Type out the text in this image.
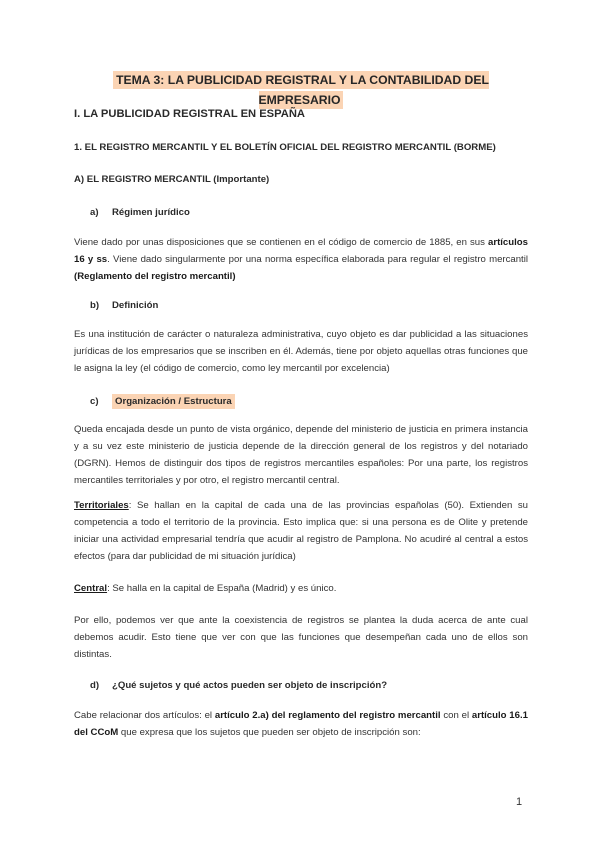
TEMA 3: LA PUBLICIDAD REGISTRAL Y LA CONTABILIDAD DEL EMPRESARIO

I. LA PUBLICIDAD REGISTRAL EN ESPAÑA

1. EL REGISTRO MERCANTIL Y EL BOLETÍN OFICIAL DEL REGISTRO MERCANTIL (BORME)

A) EL REGISTRO MERCANTIL (Importante)

a) Régimen jurídico

Viene dado por unas disposiciones que se contienen en el código de comercio de 1885, en sus artículos 16 y ss. Viene dado singularmente por una norma específica elaborada para regular el registro mercantil (Reglamento del registro mercantil)

b) Definición

Es una institución de carácter o naturaleza administrativa, cuyo objeto es dar publicidad a las situaciones jurídicas de los empresarios que se inscriben en él. Además, tiene por objeto aquellas otras funciones que le asigna la ley (el código de comercio, como ley mercantil por excelencia)

c) Organización / Estructura

Queda encajada desde un punto de vista orgánico, depende del ministerio de justicia en primera instancia y a su vez este ministerio de justicia depende de la dirección general de los registros y del notariado (DGRN). Hemos de distinguir dos tipos de registros mercantiles españoles: Por una parte, los registros mercantiles territoriales y por otro, el registro mercantil central.

Territoriales: Se hallan en la capital de cada una de las provincias españolas (50). Extienden su competencia a todo el territorio de la provincia. Esto implica que: si una persona es de Olite y pretende iniciar una actividad empresarial tendría que acudir al registro de Pamplona. No acudiré al central a estos efectos (para dar publicidad de mi situación jurídica)

Central: Se halla en la capital de España (Madrid) y es único.

Por ello, podemos ver que ante la coexistencia de registros se plantea la duda acerca de ante cual debemos acudir. Esto tiene que ver con que las funciones que desempeñan cada uno de ellos son distintas.

d) ¿Qué sujetos y qué actos pueden ser objeto de inscripción?

Cabe relacionar dos artículos: el artículo 2.a) del reglamento del registro mercantil con el artículo 16.1 del CCoM que expresa que los sujetos que pueden ser objeto de inscripción son:

1
